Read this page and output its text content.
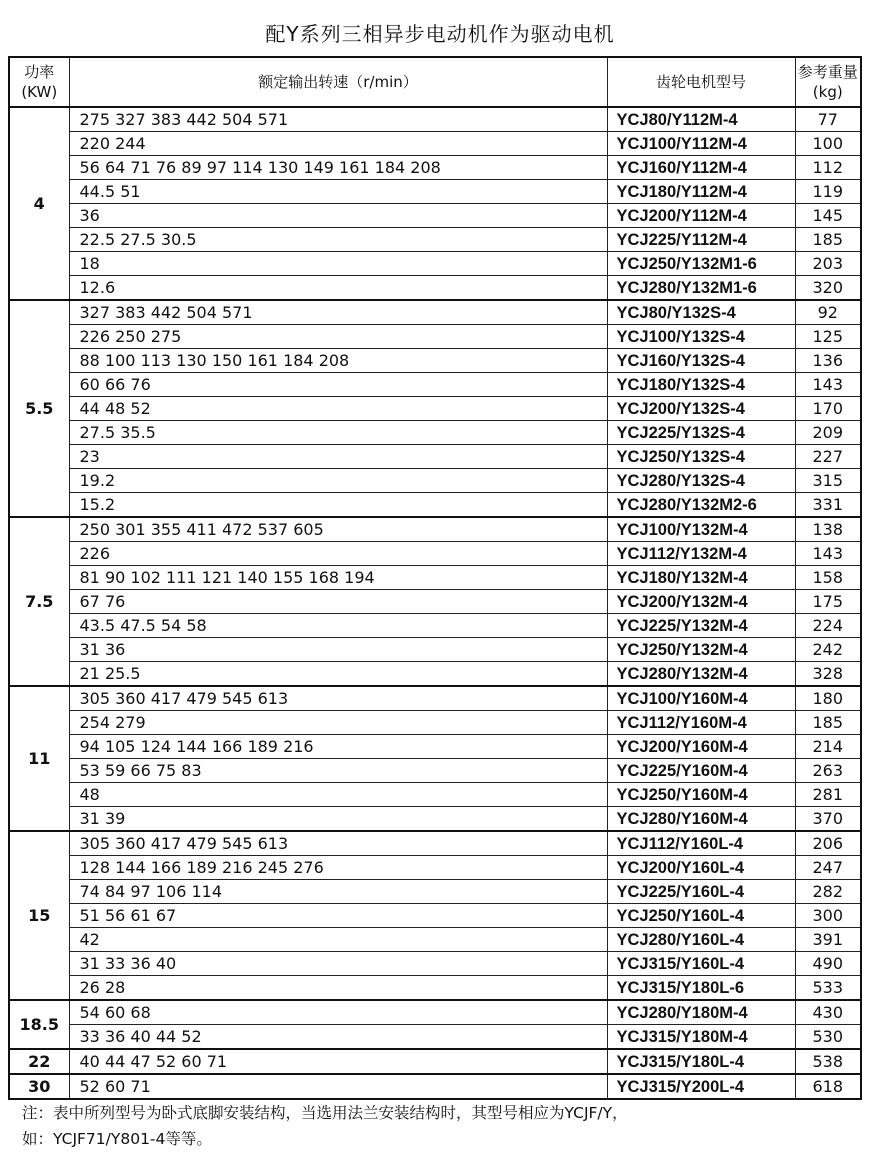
配Y系列三相异步电动机作为驱动电机
功率
(KW)	额定输出转速（r/min）	齿轮电机型号	参考重量
(kg)
4	275 327 383 442 504 571	YCJ80/Y112M-4	77
	220 244	YCJ100/Y112M-4	100
	56 64 71 76 89 97 114 130 149 161 184 208	YCJ160/Y112M-4	112
	44.5 51	YCJ180/Y112M-4	119
	36	YCJ200/Y112M-4	145
	22.5 27.5 30.5	YCJ225/Y112M-4	185
	18	YCJ250/Y132M1-6	203
	12.6	YCJ280/Y132M1-6	320
5.5	327 383 442 504 571	YCJ80/Y132S-4	92
	226 250 275	YCJ100/Y132S-4	125
	88 100 113 130 150 161 184 208	YCJ160/Y132S-4	136
	60 66 76	YCJ180/Y132S-4	143
	44 48 52	YCJ200/Y132S-4	170
	27.5 35.5	YCJ225/Y132S-4	209
	23	YCJ250/Y132S-4	227
	19.2	YCJ280/Y132S-4	315
	15.2	YCJ280/Y132M2-6	331
7.5	250 301 355 411 472 537 605	YCJ100/Y132M-4	138
	226	YCJ112/Y132M-4	143
	81 90 102 111 121 140 155 168 194	YCJ180/Y132M-4	158
	67 76	YCJ200/Y132M-4	175
	43.5 47.5 54 58	YCJ225/Y132M-4	224
	31 36	YCJ250/Y132M-4	242
	21 25.5	YCJ280/Y132M-4	328
11	305 360 417 479 545 613	YCJ100/Y160M-4	180
	254 279	YCJ112/Y160M-4	185
	94 105 124 144 166 189 216	YCJ200/Y160M-4	214
	53 59 66 75 83	YCJ225/Y160M-4	263
	48	YCJ250/Y160M-4	281
	31 39	YCJ280/Y160M-4	370
15	305 360 417 479 545 613	YCJ112/Y160L-4	206
	128 144 166 189 216 245 276	YCJ200/Y160L-4	247
	74 84 97 106 114	YCJ225/Y160L-4	282
	51 56 61 67	YCJ250/Y160L-4	300
	42	YCJ280/Y160L-4	391
	31 33 36 40	YCJ315/Y160L-4	490
	26 28	YCJ315/Y180L-6	533
18.5	54 60 68	YCJ280/Y180M-4	430
	33 36 40 44 52	YCJ315/Y180M-4	530
22	40 44 47 52 60 71	YCJ315/Y180L-4	538
30	52 60 71	YCJ315/Y200L-4	618
注：表中所列型号为卧式底脚安装结构，当选用法兰安装结构时，其型号相应为YCJF/Y，
如：YCJF71/Y801-4等等。
